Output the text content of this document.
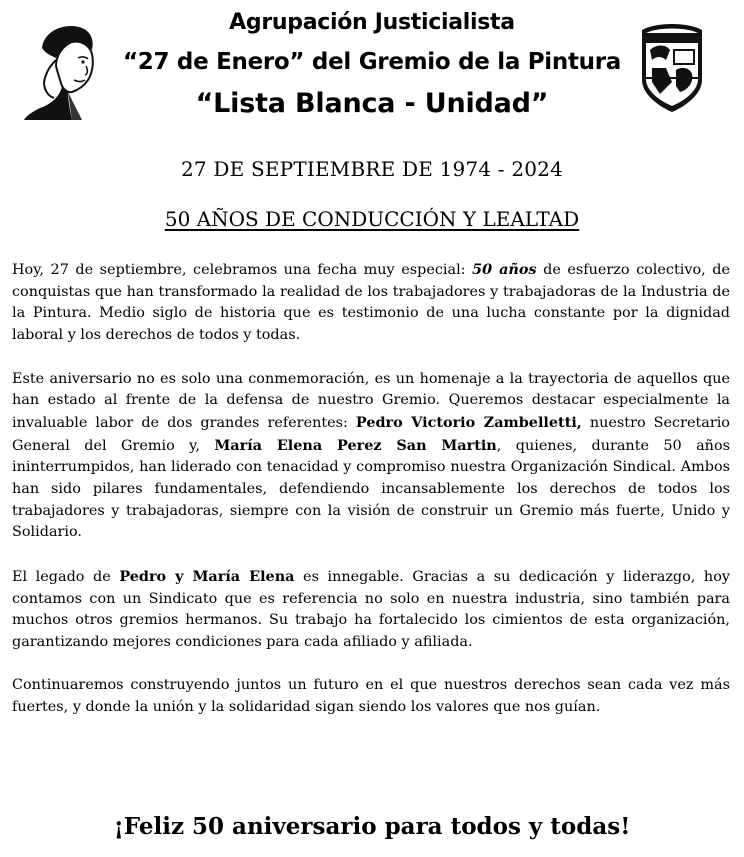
Agrupación Justicialista
“27 de Enero” del Gremio de la Pintura
“Lista Blanca - Unidad”
27 DE SEPTIEMBRE DE 1974 - 2024
50 AÑOS DE CONDUCCIÓN Y LEALTAD

Hoy, 27 de septiembre, celebramos una fecha muy especial: 50 años de esfuerzo colectivo, de conquistas que han transformado la realidad de los trabajadores y trabajadoras de la Industria de la Pintura. Medio siglo de historia que es testimonio de una lucha constante por la dignidad laboral y los derechos de todos y todas.

Este aniversario no es solo una conmemoración, es un homenaje a la trayectoria de aquellos que han estado al frente de la defensa de nuestro Gremio. Queremos destacar especialmente la invaluable labor de dos grandes referentes: Pedro Victorio Zambelletti, nuestro Secretario General del Gremio y, María Elena Perez San Martin, quienes, durante 50 años ininterrumpidos, han liderado con tenacidad y compromiso nuestra Organización Sindical. Ambos han sido pilares fundamentales, defendiendo incansablemente los derechos de todos los trabajadores y trabajadoras, siempre con la visión de construir un Gremio más fuerte, Unido y Solidario.

El legado de Pedro y María Elena es innegable. Gracias a su dedicación y liderazgo, hoy contamos con un Sindicato que es referencia no solo en nuestra industria, sino también para muchos otros gremios hermanos. Su trabajo ha fortalecido los cimientos de esta organización, garantizando mejores condiciones para cada afiliado y afiliada.

Continuaremos construyendo juntos un futuro en el que nuestros derechos sean cada vez más fuertes, y donde la unión y la solidaridad sigan siendo los valores que nos guían.

¡Feliz 50 aniversario para todos y todas!
